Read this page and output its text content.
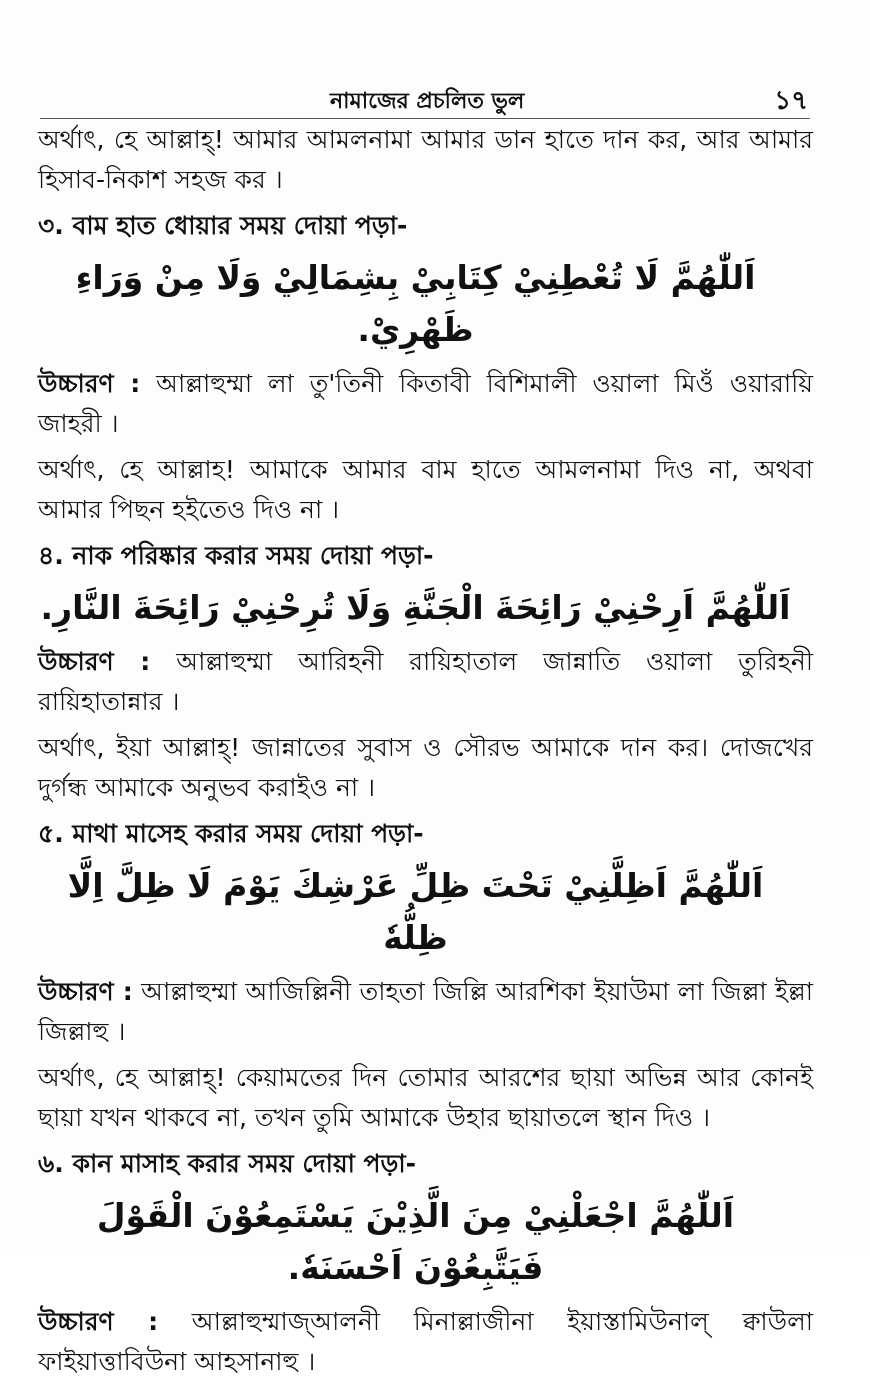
নামাজের প্রচলিত ভুল	১৭

অর্থাৎ, হে আল্লাহ্! আমার আমলনামা আমার ডান হাতে দান কর, আর আমার হিসাব-নিকাশ সহজ কর ।

৩. বাম হাত ধোয়ার সময় দোয়া পড়া-
اَللّٰهُمَّ لَا تُعْطِنِيْ كِتَابِيْ بِشِمَالِيْ وَلَا مِنْ وَرَاءِ ظَهْرِيْ.

উচ্চারণ : আল্লাহুম্মা লা তু'তিনী কিতাবী বিশিমালী ওয়ালা মিওঁ ওয়ারায়ি জাহরী ।

অর্থাৎ, হে আল্লাহ! আমাকে আমার বাম হাতে আমলনামা দিও না, অথবা আমার পিছন হইতেও দিও না ।

৪. নাক পরিষ্কার করার সময় দোয়া পড়া-
اَللّٰهُمَّ اَرِحْنِيْ رَائِحَةَ الْجَنَّةِ وَلَا تُرِحْنِيْ رَائِحَةَ النَّارِ.

উচ্চারণ : আল্লাহুম্মা আরিহনী রায়িহাতাল জান্নাতি ওয়ালা তুরিহনী রায়িহাতান্নার ।

অর্থাৎ, ইয়া আল্লাহ্! জান্নাতের সুবাস ও সৌরভ আমাকে দান কর। দোজখের দুর্গন্ধ আমাকে অনুভব করাইও না ।

৫. মাথা মাসেহ করার সময় দোয়া পড়া-
اَللّٰهُمَّ اَظِلَّنِيْ تَحْتَ ظِلِّ عَرْشِكَ يَوْمَ لَا ظِلَّ اِلَّا ظِلُّهٗ

উচ্চারণ : আল্লাহুম্মা আজিল্লিনী তাহতা জিল্লি আরশিকা ইয়াউমা লা জিল্লা ইল্লা জিল্লাহু ।

অর্থাৎ, হে আল্লাহ্! কেয়ামতের দিন তোমার আরশের ছায়া অভিন্ন আর কোনই ছায়া যখন থাকবে না, তখন তুমি আমাকে উহার ছায়াতলে স্থান দিও ।

৬. কান মাসাহ করার সময় দোয়া পড়া-
اَللّٰهُمَّ اجْعَلْنِيْ مِنَ الَّذِيْنَ يَسْتَمِعُوْنَ الْقَوْلَ فَيَتَّبِعُوْنَ اَحْسَنَهٗ.

উচ্চারণ : আল্লাহুম্মাজ্আলনী মিনাল্লাজীনা ইয়াস্তামিউনাল্ ক্বাউলা ফাইয়াত্তাবিউনা আহসানাহু ।
